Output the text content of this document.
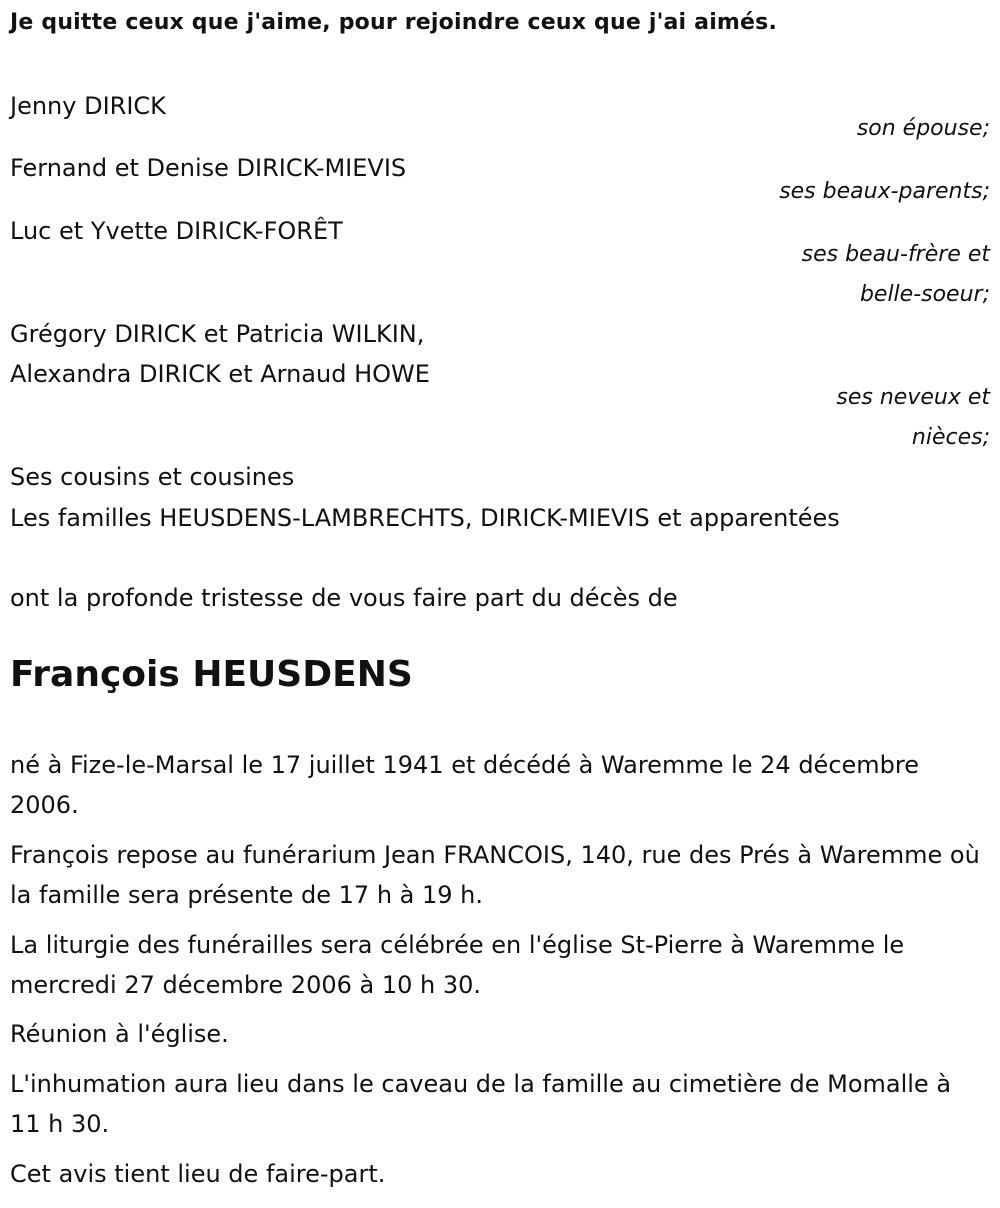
Je quitte ceux que j'aime, pour rejoindre ceux que j'ai aimés.
Jenny DIRICK
son épouse;
Fernand et Denise DIRICK-MIEVIS
ses beaux-parents;
Luc et Yvette DIRICK-FORÊT
ses beau-frère et
belle-soeur;
Grégory DIRICK et Patricia WILKIN,
Alexandra DIRICK et Arnaud HOWE
ses neveux et
nièces;
Ses cousins et cousines
Les familles HEUSDENS-LAMBRECHTS, DIRICK-MIEVIS et apparentées
ont la profonde tristesse de vous faire part du décès de
François HEUSDENS
né à Fize-le-Marsal le 17 juillet 1941 et décédé à Waremme le 24 décembre 2006.
François repose au funérarium Jean FRANCOIS, 140, rue des Prés à Waremme où la famille sera présente de 17 h à 19 h.
La liturgie des funérailles sera célébrée en l'église St-Pierre à Waremme le mercredi 27 décembre 2006 à 10 h 30.
Réunion à l'église.
L'inhumation aura lieu dans le caveau de la famille au cimetière de Momalle à 11 h 30.
Cet avis tient lieu de faire-part.
